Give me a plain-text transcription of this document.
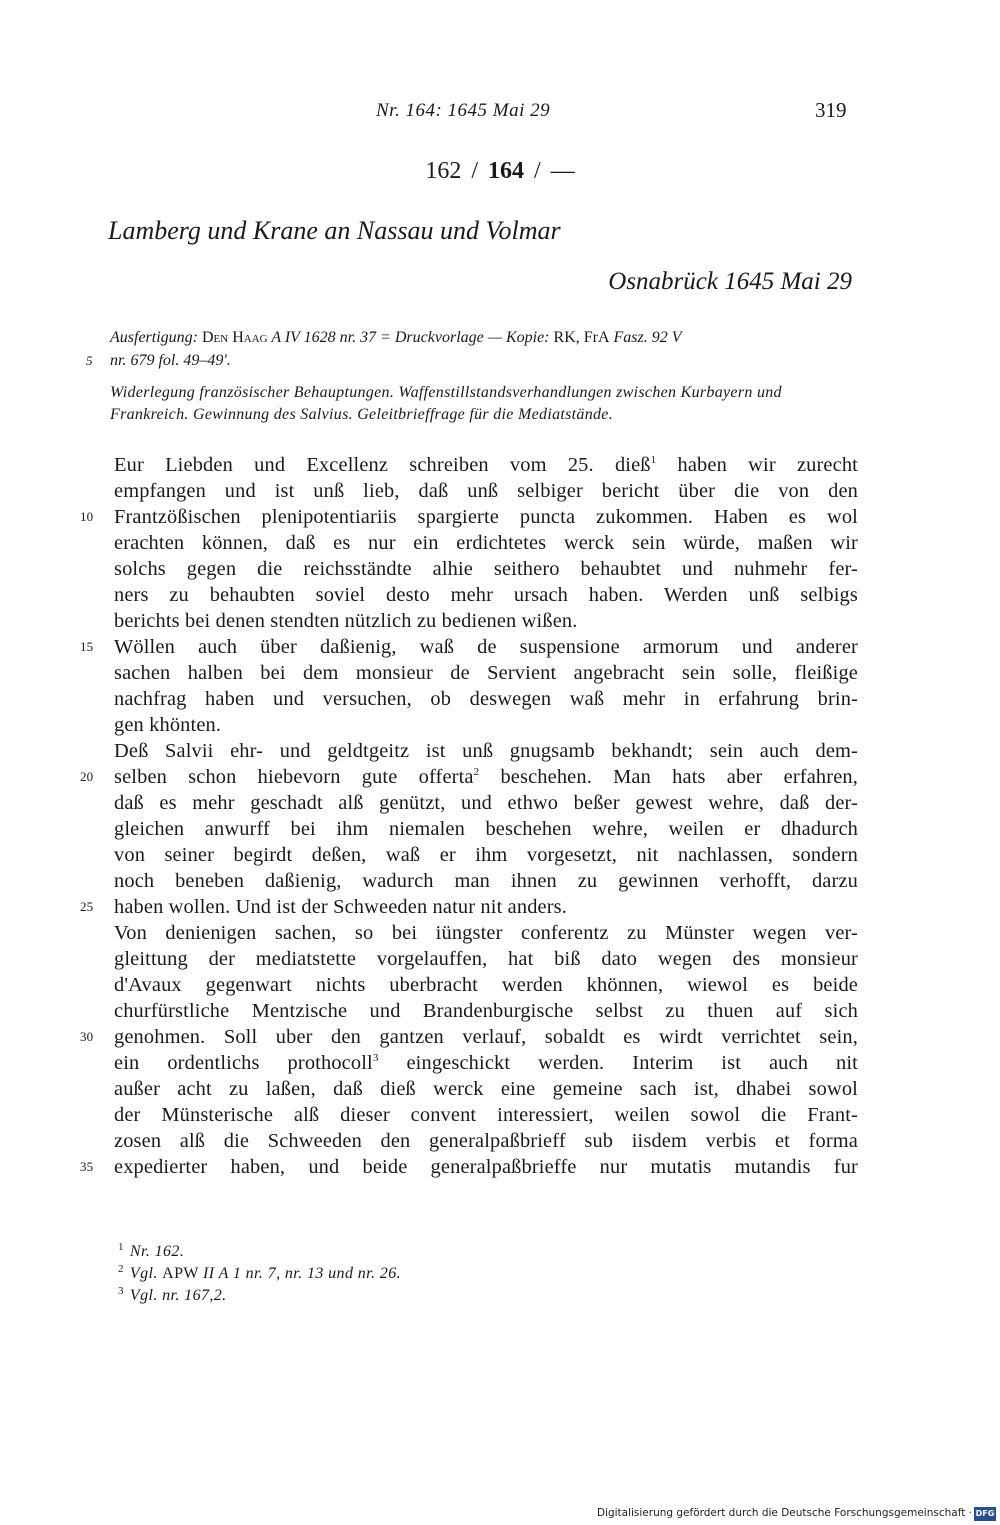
Nr. 164: 1645 Mai 29	319
162 / 164 / —
Lamberg und Krane an Nassau und Volmar
Osnabrück 1645 Mai 29
Ausfertigung: Den Haag A IV 1628 nr. 37 = Druckvorlage — Kopie: RK, FrA Fasz. 92 V
5 nr. 679 fol. 49–49'.
Widerlegung französischer Behauptungen. Waffenstillstandsverhandlungen zwischen Kurbayern und
Frankreich. Gewinnung des Salvius. Geleitbrieffrage für die Mediatstände.
Eur Liebden und Excellenz schreiben vom 25. dieß$^1$ haben wir zurecht
empfangen und ist unß lieb, daß unß selbiger bericht über die von den
10 Frantzößischen plenipotentiariis spargierte puncta zukommen. Haben es wol
erachten können, daß es nur ein erdichtetes werck sein würde, maßen wir
solchs gegen die reichsständte alhie seithero behaubtet und nuhmehr fer-
ners zu behaubten soviel desto mehr ursach haben. Werden unß selbigs
berichts bei denen stendten nützlich zu bedienen wißen.
15 Wöllen auch über daßienig, waß de suspensione armorum und anderer
sachen halben bei dem monsieur de Servient angebracht sein solle, fleißige
nachfrag haben und versuchen, ob deswegen waß mehr in erfahrung brin-
gen khönten.
Deß Salvii ehr- und geldtgeitz ist unß gnugsamb bekhandt; sein auch dem-
20 selben schon hiebevorn gute offerta$^2$ beschehen. Man hats aber erfahren,
daß es mehr geschadt alß genützt, und ethwo beßer gewest wehre, daß der-
gleichen anwurff bei ihm niemalen beschehen wehre, weilen er dhadurch
von seiner begirdt deßen, waß er ihm vorgesetzt, nit nachlassen, sondern
noch beneben daßienig, wadurch man ihnen zu gewinnen verhofft, darzu
25 haben wollen. Und ist der Schweeden natur nit anders.
Von denienigen sachen, so bei iüngster conferentz zu Münster wegen ver-
gleittung der mediatstette vorgelauffen, hat biß dato wegen des monsieur
d'Avaux gegenwart nichts uberbracht werden khönnen, wiewol es beide
churfürstliche Mentzische und Brandenburgische selbst zu thuen auf sich
30 genohmen. Soll uber den gantzen verlauf, sobaldt es wirdt verrichtet sein,
ein ordentlichs prothocoll$^3$ eingeschickt werden. Interim ist auch nit
außer acht zu laßen, daß dieß werck eine gemeine sach ist, dhabei sowol
der Münsterische alß dieser convent interessiert, weilen sowol die Frant-
zosen alß die Schweeden den generalpaßbrieff sub iisdem verbis et forma
35 expedierter haben, und beide generalpaßbrieffe nur mutatis mutandis fur
$^1$ Nr. 162.
$^2$ Vgl. APW II A 1 nr. 7, nr. 13 und nr. 26.
$^3$ Vgl. nr. 167,2.
Digitalisierung gefördert durch die Deutsche Forschungsgemeinschaft · DFG
